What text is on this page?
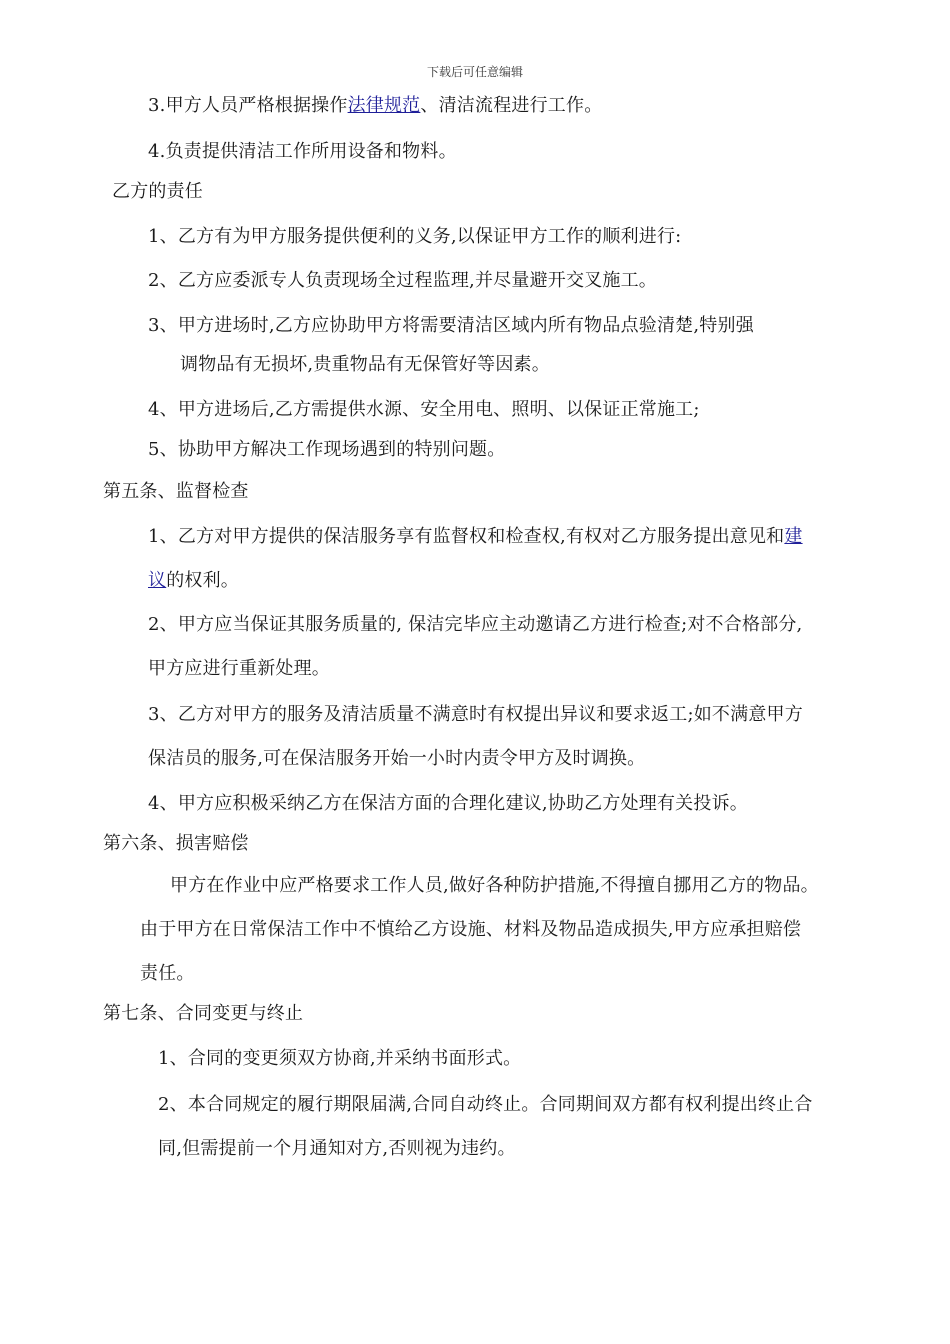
下载后可任意编辑
3.甲方人员严格根据操作法律规范、清洁流程进行工作。
4.负责提供清洁工作所用设备和物料。
乙方的责任
1、乙方有为甲方服务提供便利的义务,以保证甲方工作的顺利进行:
2、乙方应委派专人负责现场全过程监理,并尽量避开交叉施工。
3、甲方进场时,乙方应协助甲方将需要清洁区域内所有物品点验清楚,特别强
调物品有无损坏,贵重物品有无保管好等因素。
4、甲方进场后,乙方需提供水源、安全用电、照明、以保证正常施工;
5、协助甲方解决工作现场遇到的特别问题。
第五条、监督检查
1、乙方对甲方提供的保洁服务享有监督权和检查权,有权对乙方服务提出意见和建
议的权利。
2、甲方应当保证其服务质量的, 保洁完毕应主动邀请乙方进行检查;对不合格部分,
甲方应进行重新处理。
3、乙方对甲方的服务及清洁质量不满意时有权提出异议和要求返工;如不满意甲方
保洁员的服务,可在保洁服务开始一小时内责令甲方及时调换。
4、甲方应积极采纳乙方在保洁方面的合理化建议,协助乙方处理有关投诉。
第六条、损害赔偿
甲方在作业中应严格要求工作人员,做好各种防护措施,不得擅自挪用乙方的物品。
由于甲方在日常保洁工作中不慎给乙方设施、材料及物品造成损失,甲方应承担赔偿
责任。
第七条、合同变更与终止
1、合同的变更须双方协商,并采纳书面形式。
2、本合同规定的履行期限届满,合同自动终止。合同期间双方都有权利提出终止合
同,但需提前一个月通知对方,否则视为违约。
